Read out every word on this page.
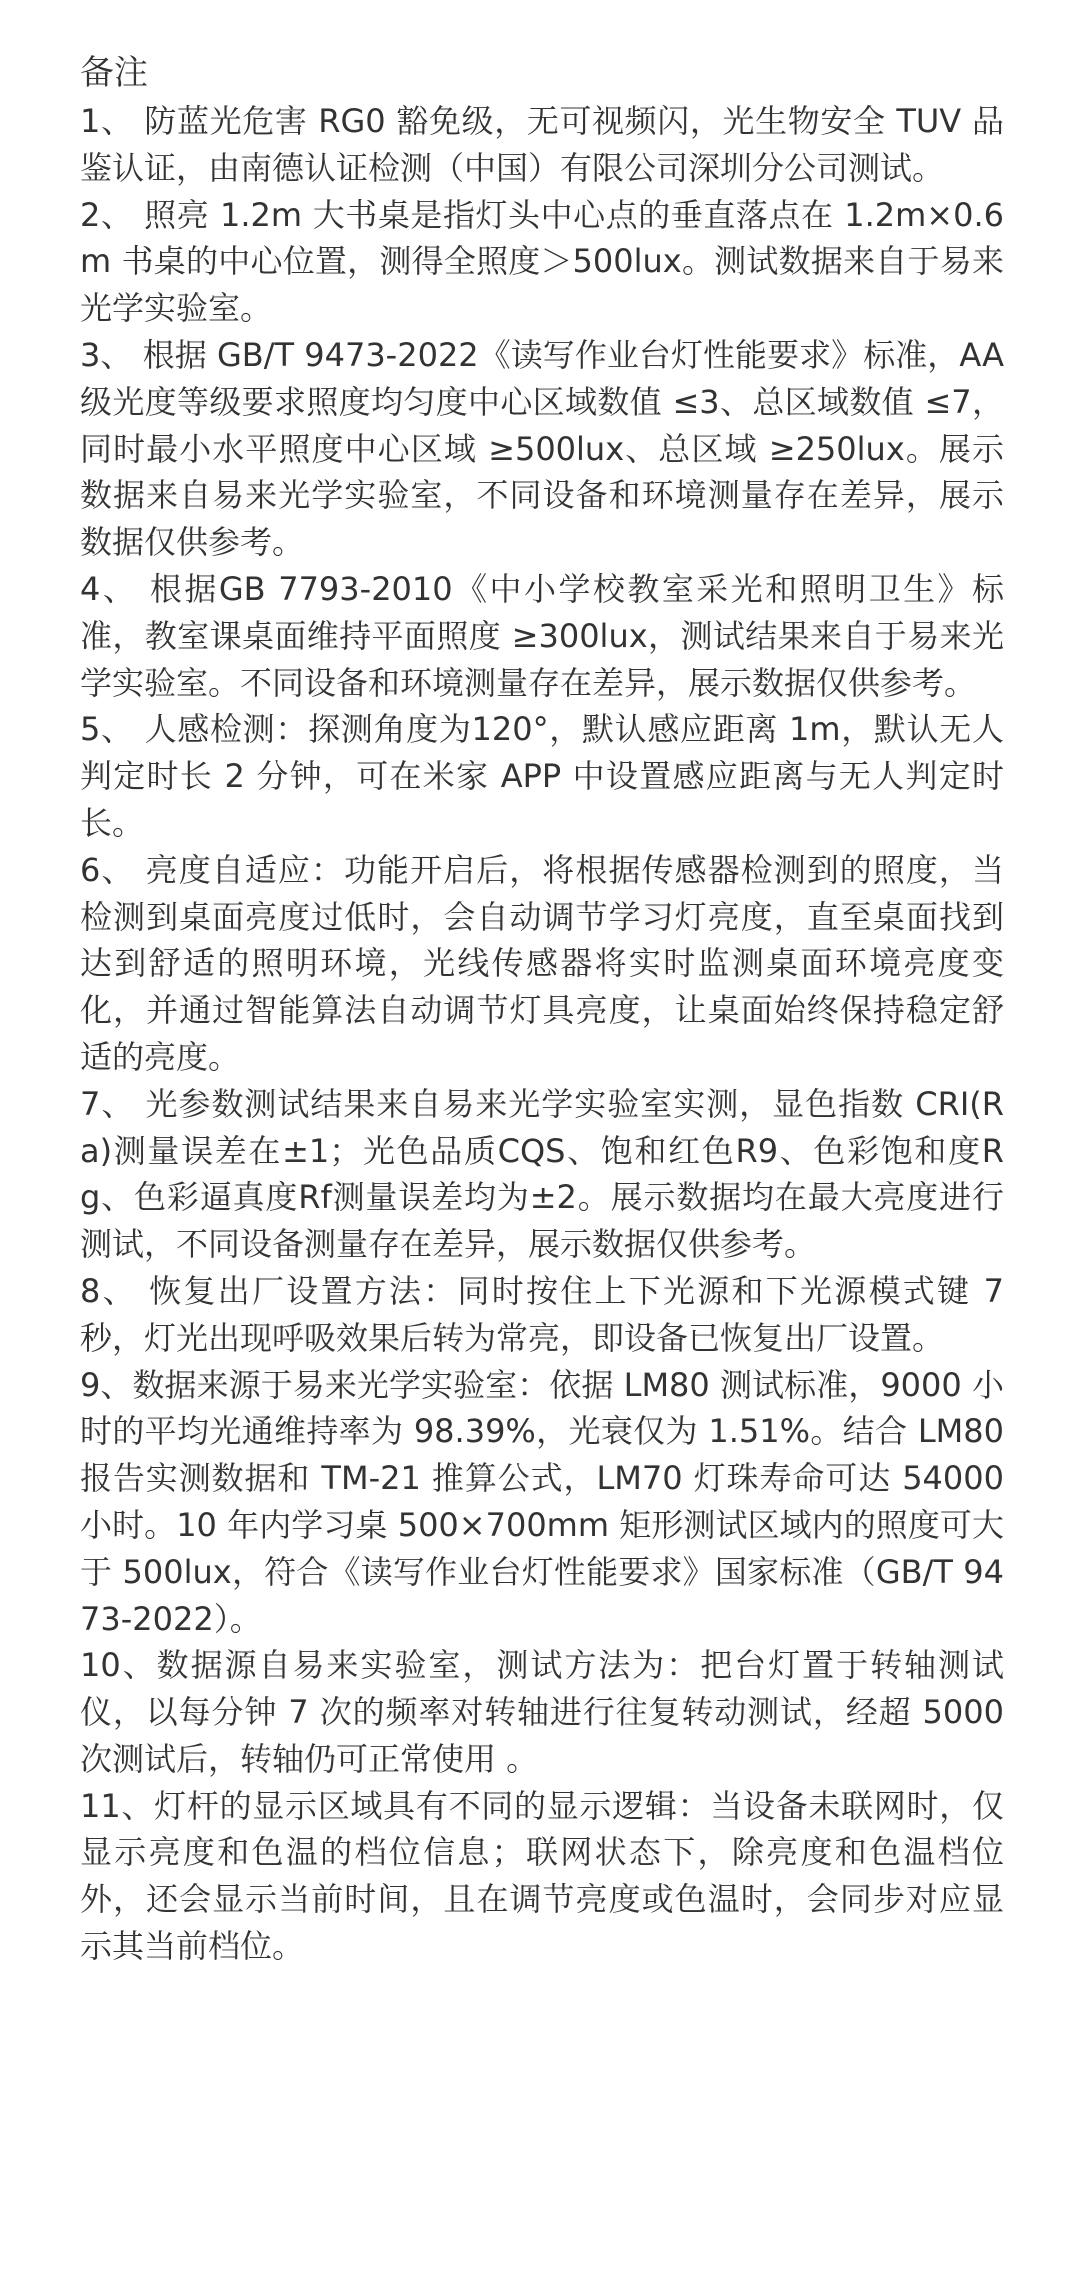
备注
1、 防蓝光危害 RG0 豁免级，无可视频闪，光生物安全 TUV 品鉴认证，由南德认证检测（中国）有限公司深圳分公司测试。
2、 照亮 1.2m 大书桌是指灯头中心点的垂直落点在 1.2m×0.6m 书桌的中心位置，测得全照度＞500lux。测试数据来自于易来光学实验室。
3、 根据 GB/T 9473-2022《读写作业台灯性能要求》标准，AA 级光度等级要求照度均匀度中心区域数值 ≤3、总区域数值 ≤7，同时最小水平照度中心区域 ≥500lux、总区域 ≥250lux。展示数据来自易来光学实验室，不同设备和环境测量存在差异，展示数据仅供参考。
4、 根据GB 7793-2010《中小学校教室采光和照明卫生》标准，教室课桌面维持平面照度 ≥300lux，测试结果来自于易来光学实验室。不同设备和环境测量存在差异，展示数据仅供参考。
5、 人感检测：探测角度为120°，默认感应距离 1m，默认无人判定时长 2 分钟，可在米家 APP 中设置感应距离与无人判定时长。
6、 亮度自适应：功能开启后，将根据传感器检测到的照度，当检测到桌面亮度过低时，会自动调节学习灯亮度，直至桌面找到达到舒适的照明环境，光线传感器将实时监测桌面环境亮度变化，并通过智能算法自动调节灯具亮度，让桌面始终保持稳定舒适的亮度。
7、 光参数测试结果来自易来光学实验室实测，显色指数 CRI(Ra)测量误差在±1；光色品质CQS、饱和红色R9、色彩饱和度Rg、色彩逼真度Rf测量误差均为±2。展示数据均在最大亮度进行测试，不同设备测量存在差异，展示数据仅供参考。
8、 恢复出厂设置方法：同时按住上下光源和下光源模式键 7 秒，灯光出现呼吸效果后转为常亮，即设备已恢复出厂设置。
9、数据来源于易来光学实验室：依据 LM80 测试标准，9000 小时的平均光通维持率为 98.39%，光衰仅为 1.51%。结合 LM80 报告实测数据和 TM-21 推算公式，LM70 灯珠寿命可达 54000 小时。10 年内学习桌 500×700mm 矩形测试区域内的照度可大于 500lux，符合《读写作业台灯性能要求》国家标准（GB/T 9473-2022）。
10、数据源自易来实验室，测试方法为：把台灯置于转轴测试仪，以每分钟 7 次的频率对转轴进行往复转动测试，经超 5000 次测试后，转轴仍可正常使用 。
11、灯杆的显示区域具有不同的显示逻辑：当设备未联网时，仅显示亮度和色温的档位信息；联网状态下，除亮度和色温档位外，还会显示当前时间，且在调节亮度或色温时，会同步对应显示其当前档位。
